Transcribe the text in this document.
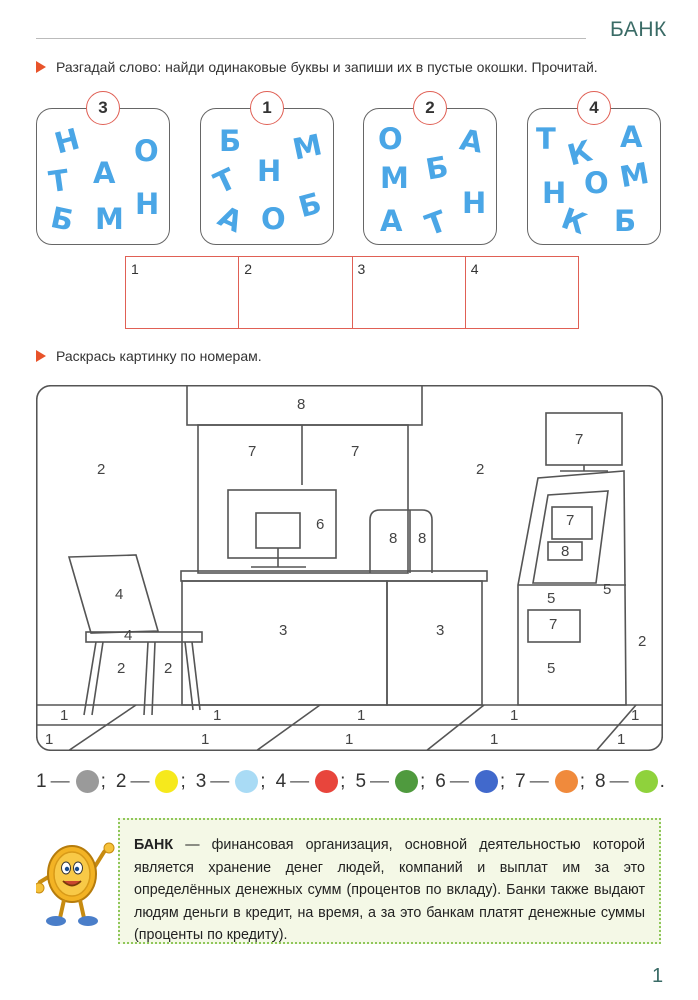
БАНК
Разгадай слово: найди одинаковые буквы и запиши их в пустые окошки. Прочитай.
3
Н О
А
Т
Н
Б М
1
Б М
Н
Т
Б
А О
2
О А
М Б
Н
А Т
4
А
Т К
М
Н О
К Б
1	2	3	4
Раскрась картинку по номерам.
8
2
7	7
2
6
8 8
4
4
2	2
3	3
7
7
8
5
5
7
5
2
1	1	1	1	1
1	1	1	1	1
1 — ; 2 — ; 3 — ; 4 — ; 5 — ; 6 — ; 7 — ; 8 — .
БАНК — финансовая организация, основной деятельностью которой является хранение денег людей, компаний и выплат им за это определённых денежных сумм (процентов по вкладу). Банки также выдают людям деньги в кредит, на время, а за это банкам платят денежные суммы (проценты по кредиту).
1
